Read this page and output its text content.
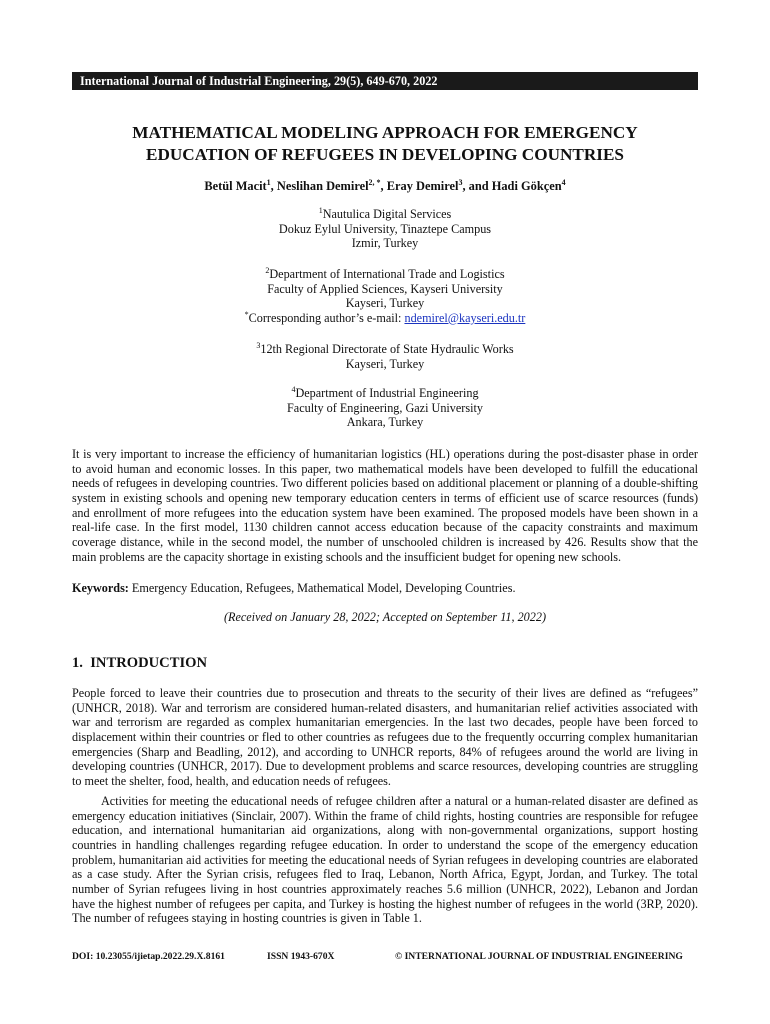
International Journal of Industrial Engineering, 29(5), 649-670, 2022
MATHEMATICAL MODELING APPROACH FOR EMERGENCY
EDUCATION OF REFUGEES IN DEVELOPING COUNTRIES
Betül Macit$^1$, Neslihan Demirel$^{2, *}$, Eray Demirel$^3$, and Hadi Gökçen$^4$
$^1$Nautulica Digital Services
Dokuz Eylul University, Tinaztepe Campus
Izmir, Turkey
$^2$Department of International Trade and Logistics
Faculty of Applied Sciences, Kayseri University
Kayseri, Turkey
*Corresponding author’s e-mail: ndemirel@kayseri.edu.tr
$^3$12th Regional Directorate of State Hydraulic Works
Kayseri, Turkey
$^4$Department of Industrial Engineering
Faculty of Engineering, Gazi University
Ankara, Turkey
It is very important to increase the efficiency of humanitarian logistics (HL) operations during the post-disaster phase in order to avoid human and economic losses. In this paper, two mathematical models have been developed to fulfill the educational needs of refugees in developing countries. Two different policies based on additional placement or planning of a double-shifting system in existing schools and opening new temporary education centers in terms of efficient use of scarce resources (funds) and enrollment of more refugees into the education system have been examined. The proposed models have been shown in a real-life case. In the first model, 1130 children cannot access education because of the capacity constraints and maximum coverage distance, while in the second model, the number of unschooled children is increased by 426. Results show that the main problems are the capacity shortage in existing schools and the insufficient budget for opening new schools.
Keywords: Emergency Education, Refugees, Mathematical Model, Developing Countries.
(Received on January 28, 2022; Accepted on September 11, 2022)
1. INTRODUCTION
People forced to leave their countries due to prosecution and threats to the security of their lives are defined as “refugees” (UNHCR, 2018). War and terrorism are considered human-related disasters, and humanitarian relief activities associated with war and terrorism are regarded as complex humanitarian emergencies. In the last two decades, people have been forced to displacement within their countries or fled to other countries as refugees due to the frequently occurring complex humanitarian emergencies (Sharp and Beadling, 2012), and according to UNHCR reports, 84% of refugees around the world are living in developing countries (UNHCR, 2017). Due to development problems and scarce resources, developing countries are struggling to meet the shelter, food, health, and education needs of refugees.
Activities for meeting the educational needs of refugee children after a natural or a human-related disaster are defined as emergency education initiatives (Sinclair, 2007). Within the frame of child rights, hosting countries are responsible for refugee education, and international humanitarian aid organizations, along with non-governmental organizations, support hosting countries in handling challenges regarding refugee education. In order to understand the scope of the emergency education problem, humanitarian aid activities for meeting the educational needs of Syrian refugees in developing countries are elaborated as a case study. After the Syrian crisis, refugees fled to Iraq, Lebanon, North Africa, Egypt, Jordan, and Turkey. The total number of Syrian refugees living in host countries approximately reaches 5.6 million (UNHCR, 2022), Lebanon and Jordan have the highest number of refugees per capita, and Turkey is hosting the highest number of refugees in the world (3RP, 2020). The number of refugees staying in hosting countries is given in Table 1.
DOI: 10.23055/ijietap.2022.29.X.8161	ISSN 1943-670X	© INTERNATIONAL JOURNAL OF INDUSTRIAL ENGINEERING
